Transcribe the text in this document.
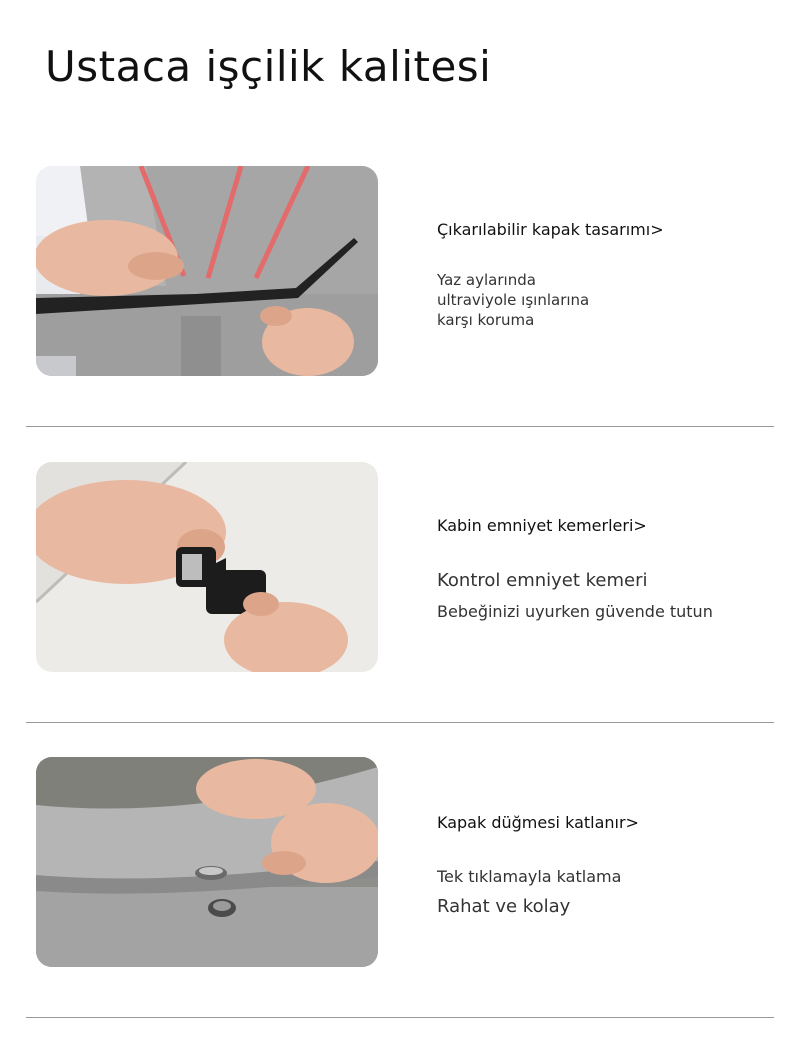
Ustaca işçilik kalitesi
Çıkarılabilir kapak tasarımı>
Yaz aylarında
ultraviyole ışınlarına
karşı koruma
Kabin emniyet kemerleri>
Kontrol emniyet kemeri
Bebeğinizi uyurken güvende tutun
Kapak düğmesi katlanır>
Tek tıklamayla katlama
Rahat ve kolay
